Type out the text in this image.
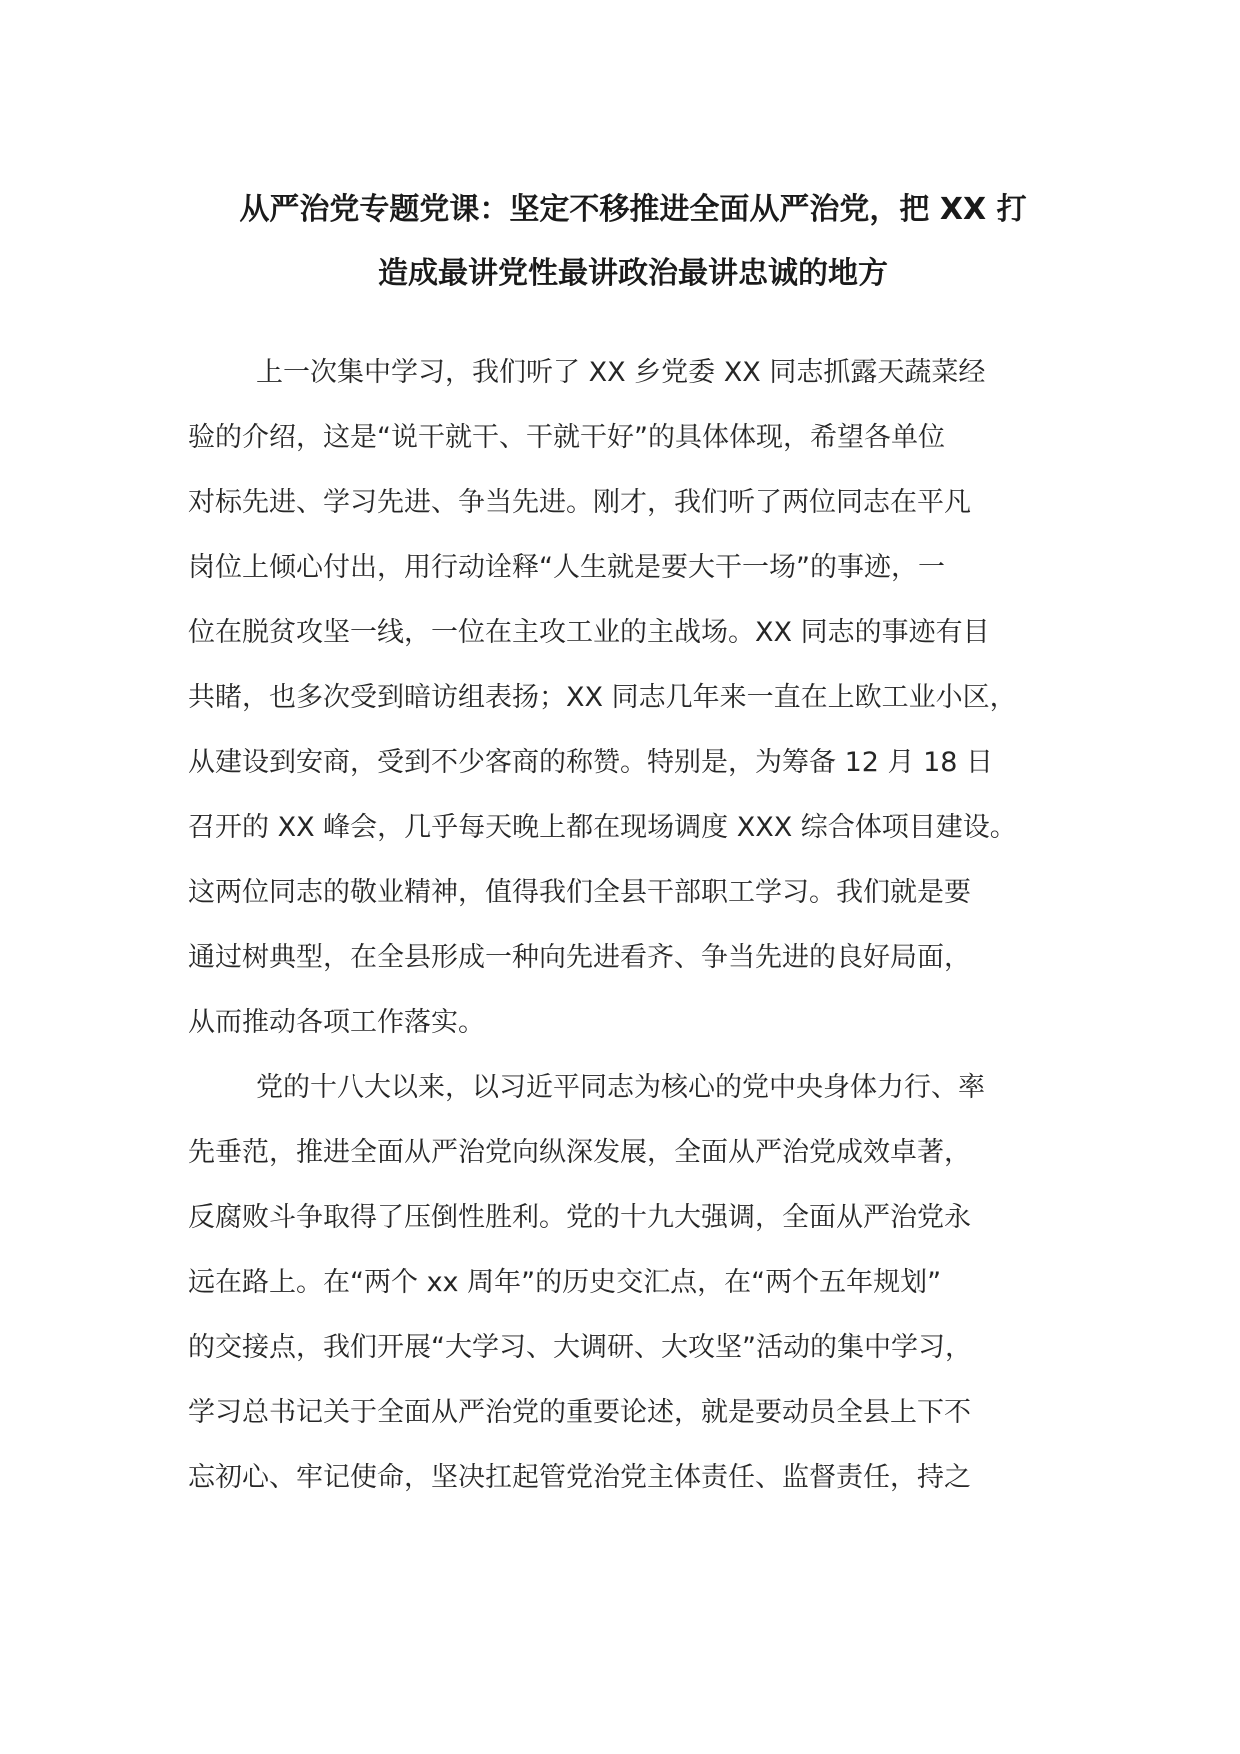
从严治党专题党课：坚定不移推进全面从严治党，把 XX 打
造成最讲党性最讲政治最讲忠诚的地方
上一次集中学习，我们听了 XX 乡党委 XX 同志抓露天蔬菜经
验的介绍，这是“说干就干、干就干好”的具体体现，希望各单位
对标先进、学习先进、争当先进。刚才，我们听了两位同志在平凡
岗位上倾心付出，用行动诠释“人生就是要大干一场”的事迹，一
位在脱贫攻坚一线，一位在主攻工业的主战场。XX 同志的事迹有目
共睹，也多次受到暗访组表扬；XX 同志几年来一直在上欧工业小区，
从建设到安商，受到不少客商的称赞。特别是，为筹备 12 月 18 日
召开的 XX 峰会，几乎每天晚上都在现场调度 XXX 综合体项目建设。
这两位同志的敬业精神，值得我们全县干部职工学习。我们就是要
通过树典型，在全县形成一种向先进看齐、争当先进的良好局面，
从而推动各项工作落实。
党的十八大以来，以习近平同志为核心的党中央身体力行、率
先垂范，推进全面从严治党向纵深发展，全面从严治党成效卓著，
反腐败斗争取得了压倒性胜利。党的十九大强调，全面从严治党永
远在路上。在“两个 xx 周年”的历史交汇点，在“两个五年规划”
的交接点，我们开展“大学习、大调研、大攻坚”活动的集中学习，
学习总书记关于全面从严治党的重要论述，就是要动员全县上下不
忘初心、牢记使命，坚决扛起管党治党主体责任、监督责任，持之
